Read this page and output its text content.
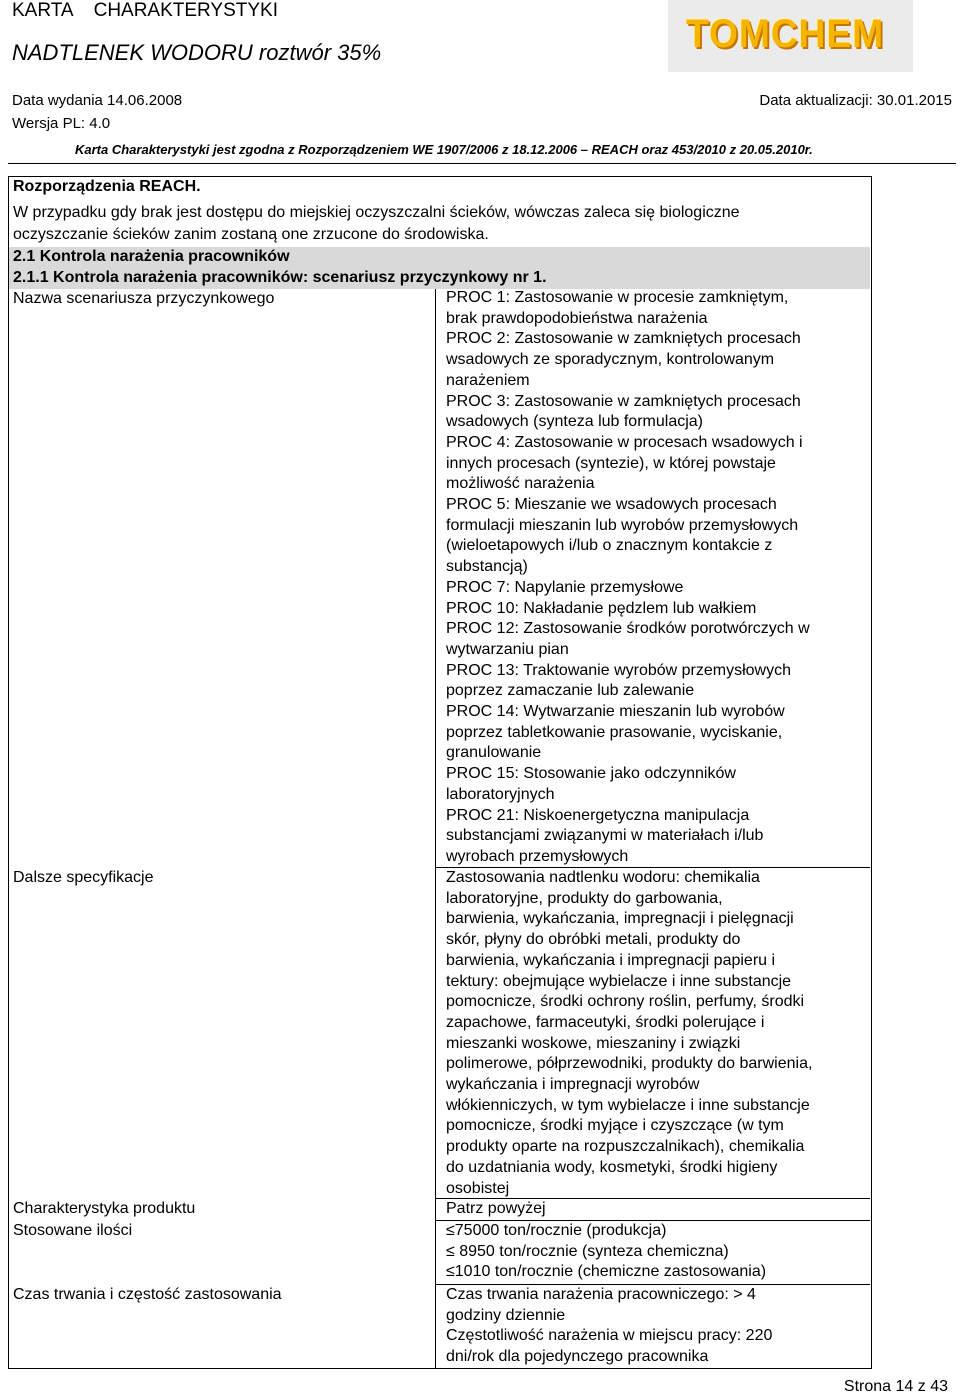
KARTA CHARAKTERYSTYKI
NADTLENEK WODORU roztwór 35%	TOMCHEM
Data wydania 14.06.2008	Data aktualizacji: 30.01.2015
Wersja PL: 4.0
Karta Charakterystyki jest zgodna z Rozporządzeniem WE 1907/2006 z 18.12.2006 – REACH oraz 453/2010 z 20.05.2010r.
Rozporządzenia REACH.
W przypadku gdy brak jest dostępu do miejskiej oczyszczalni ścieków, wówczas zaleca się biologiczne
oczyszczanie ścieków zanim zostaną one zrzucone do środowiska.
2.1 Kontrola narażenia pracowników
2.1.1 Kontrola narażenia pracowników: scenariusz przyczynkowy nr 1.
Nazwa scenariusza przyczynkowego	PROC 1: Zastosowanie w procesie zamkniętym,
brak prawdopodobieństwa narażenia
PROC 2: Zastosowanie w zamkniętych procesach
wsadowych ze sporadycznym, kontrolowanym
narażeniem
PROC 3: Zastosowanie w zamkniętych procesach
wsadowych (synteza lub formulacja)
PROC 4: Zastosowanie w procesach wsadowych i
innych procesach (syntezie), w której powstaje
możliwość narażenia
PROC 5: Mieszanie we wsadowych procesach
formulacji mieszanin lub wyrobów przemysłowych
(wieloetapowych i/lub o znacznym kontakcie z
substancją)
PROC 7: Napylanie przemysłowe
PROC 10: Nakładanie pędzlem lub wałkiem
PROC 12: Zastosowanie środków porotwórczych w
wytwarzaniu pian
PROC 13: Traktowanie wyrobów przemysłowych
poprzez zamaczanie lub zalewanie
PROC 14: Wytwarzanie mieszanin lub wyrobów
poprzez tabletkowanie prasowanie, wyciskanie,
granulowanie
PROC 15: Stosowanie jako odczynników
laboratoryjnych
PROC 21: Niskoenergetyczna manipulacja
substancjami związanymi w materiałach i/lub
wyrobach przemysłowych
Dalsze specyfikacje	Zastosowania nadtlenku wodoru: chemikalia
laboratoryjne, produkty do garbowania,
barwienia, wykańczania, impregnacji i pielęgnacji
skór, płyny do obróbki metali, produkty do
barwienia, wykańczania i impregnacji papieru i
tektury: obejmujące wybielacze i inne substancje
pomocnicze, środki ochrony roślin, perfumy, środki
zapachowe, farmaceutyki, środki polerujące i
mieszanki woskowe, mieszaniny i związki
polimerowe, półprzewodniki, produkty do barwienia,
wykańczania i impregnacji wyrobów
włókienniczych, w tym wybielacze i inne substancje
pomocnicze, środki myjące i czyszczące (w tym
produkty oparte na rozpuszczalnikach), chemikalia
do uzdatniania wody, kosmetyki, środki higieny
osobistej
Charakterystyka produktu	Patrz powyżej
Stosowane ilości	≤75000 ton/rocznie (produkcja)
≤ 8950 ton/rocznie (synteza chemiczna)
≤1010 ton/rocznie (chemiczne zastosowania)
Czas trwania i częstość zastosowania	Czas trwania narażenia pracowniczego: > 4
godziny dziennie
Częstotliwość narażenia w miejscu pracy: 220
dni/rok dla pojedynczego pracownika
Strona 14 z 43
